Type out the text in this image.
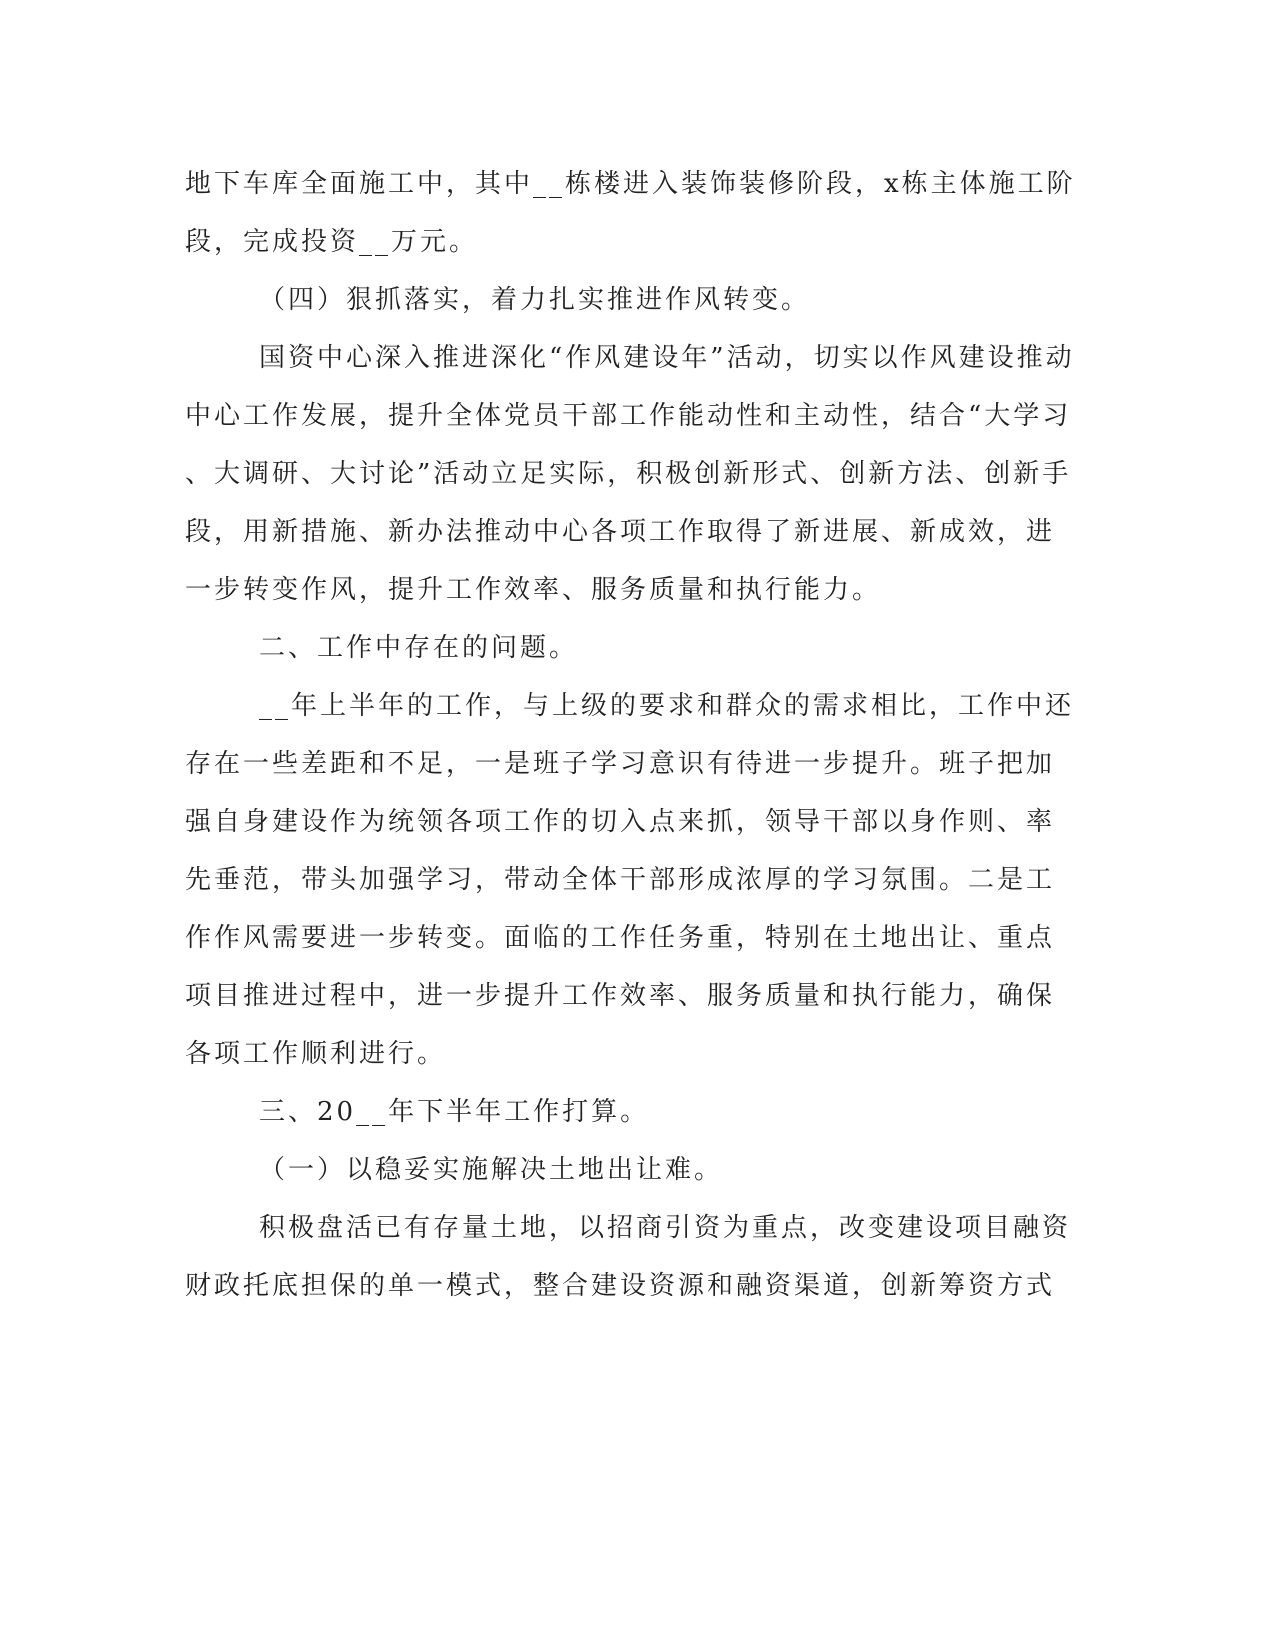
地下车库全面施工中，其中__栋楼进入装饰装修阶段，x栋主体施工阶
段，完成投资__万元。
（四）狠抓落实，着力扎实推进作风转变。
国资中心深入推进深化“作风建设年”活动，切实以作风建设推动
中心工作发展，提升全体党员干部工作能动性和主动性，结合“大学习
、大调研、大讨论”活动立足实际，积极创新形式、创新方法、创新手
段，用新措施、新办法推动中心各项工作取得了新进展、新成效，进
一步转变作风，提升工作效率、服务质量和执行能力。
二、工作中存在的问题。
__年上半年的工作，与上级的要求和群众的需求相比，工作中还
存在一些差距和不足，一是班子学习意识有待进一步提升。班子把加
强自身建设作为统领各项工作的切入点来抓，领导干部以身作则、率
先垂范，带头加强学习，带动全体干部形成浓厚的学习氛围。二是工
作作风需要进一步转变。面临的工作任务重，特别在土地出让、重点
项目推进过程中，进一步提升工作效率、服务质量和执行能力，确保
各项工作顺利进行。
三、20__年下半年工作打算。
（一）以稳妥实施解决土地出让难。
积极盘活已有存量土地，以招商引资为重点，改变建设项目融资
财政托底担保的单一模式，整合建设资源和融资渠道，创新筹资方式
